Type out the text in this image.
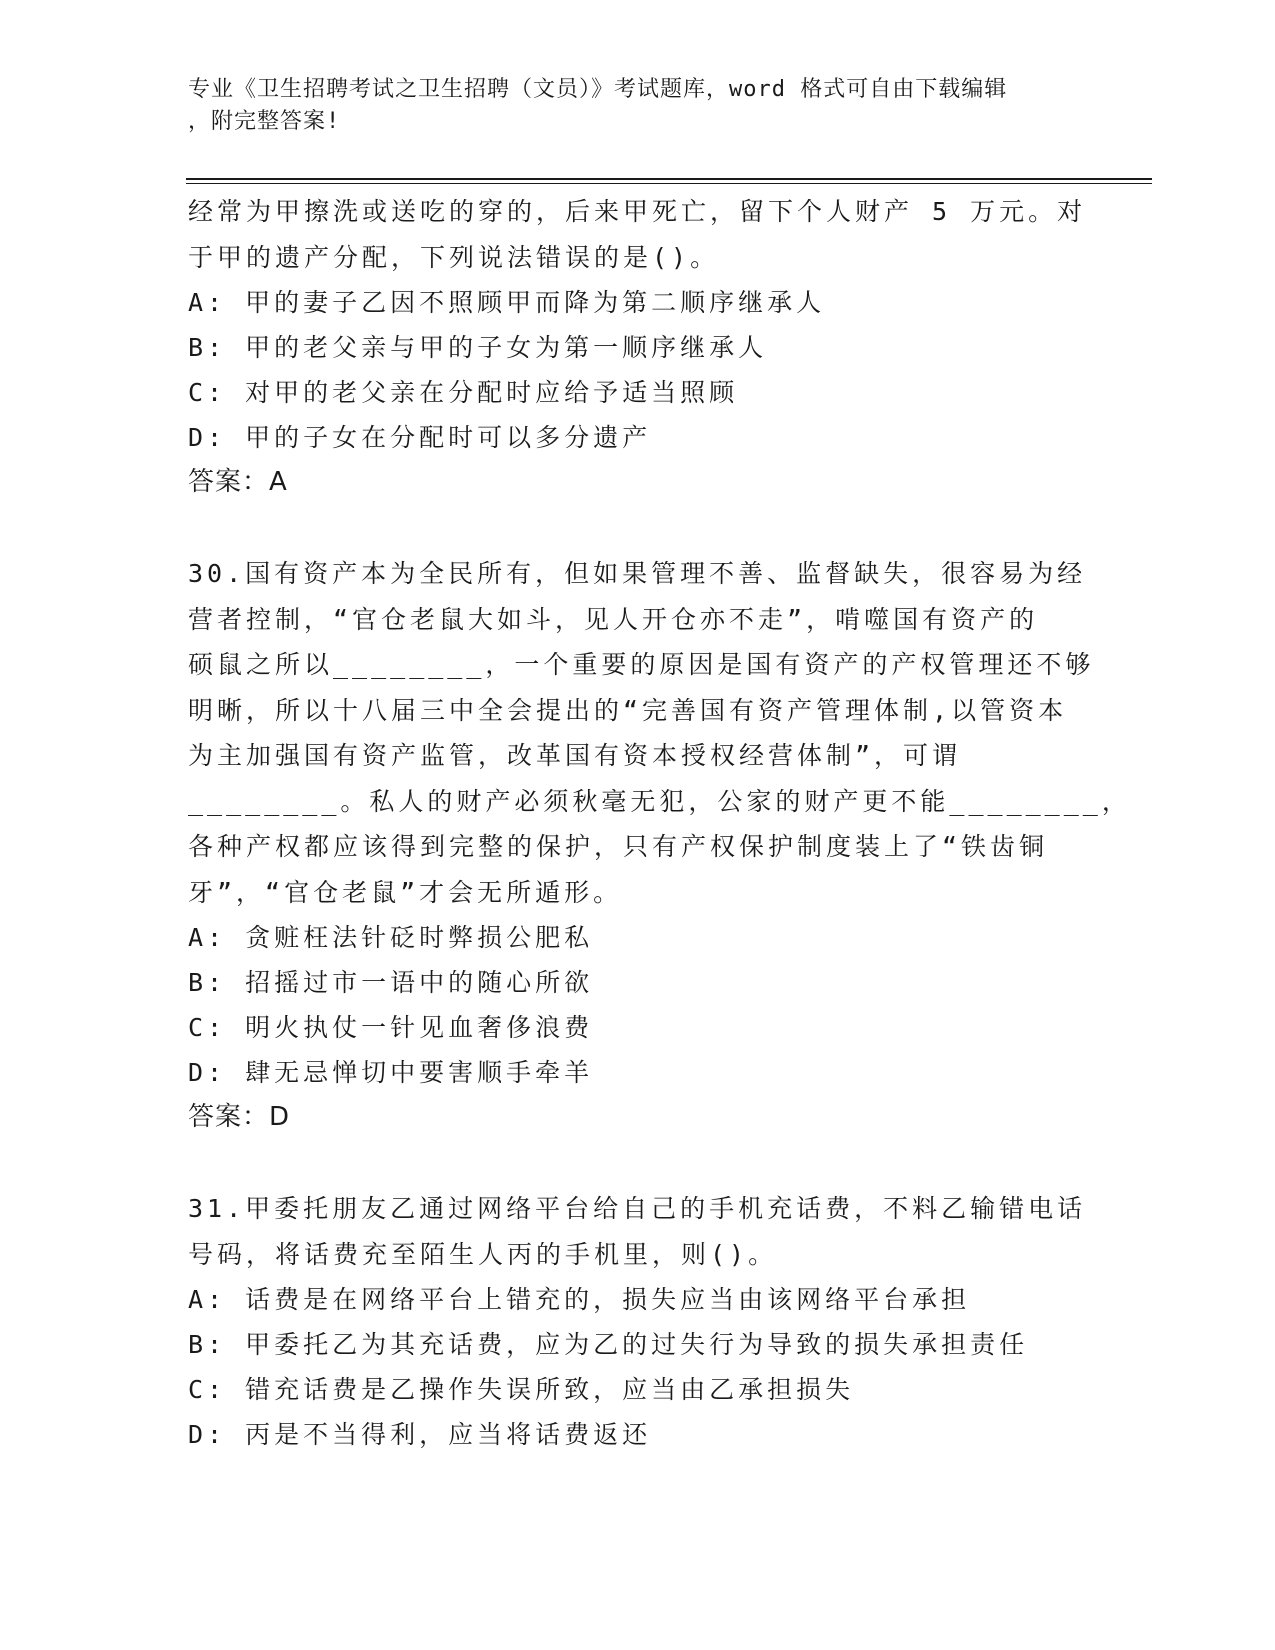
专业《卫生招聘考试之卫生招聘（文员）》考试题库，word 格式可自由下载编辑
，附完整答案!
经常为甲擦洗或送吃的穿的，后来甲死亡，留下个人财产 5 万元。对
于甲的遗产分配，下列说法错误的是()。
A: 甲的妻子乙因不照顾甲而降为第二顺序继承人
B: 甲的老父亲与甲的子女为第一顺序继承人
C: 对甲的老父亲在分配时应给予适当照顾
D: 甲的子女在分配时可以多分遗产
答案：A
30.国有资产本为全民所有，但如果管理不善、监督缺失，很容易为经
营者控制，“官仓老鼠大如斗，见人开仓亦不走”，啃噬国有资产的
硕鼠之所以________，一个重要的原因是国有资产的产权管理还不够
明晰，所以十八届三中全会提出的“完善国有资产管理体制,以管资本
为主加强国有资产监管，改革国有资本授权经营体制”，可谓
________。私人的财产必须秋毫无犯，公家的财产更不能________，
各种产权都应该得到完整的保护，只有产权保护制度装上了“铁齿铜
牙”，“官仓老鼠”才会无所遁形。
A: 贪赃枉法针砭时弊损公肥私
B: 招摇过市一语中的随心所欲
C: 明火执仗一针见血奢侈浪费
D: 肆无忌惮切中要害顺手牵羊
答案：D
31.甲委托朋友乙通过网络平台给自己的手机充话费，不料乙输错电话
号码，将话费充至陌生人丙的手机里，则()。
A: 话费是在网络平台上错充的，损失应当由该网络平台承担
B: 甲委托乙为其充话费，应为乙的过失行为导致的损失承担责任
C: 错充话费是乙操作失误所致，应当由乙承担损失
D: 丙是不当得利，应当将话费返还
